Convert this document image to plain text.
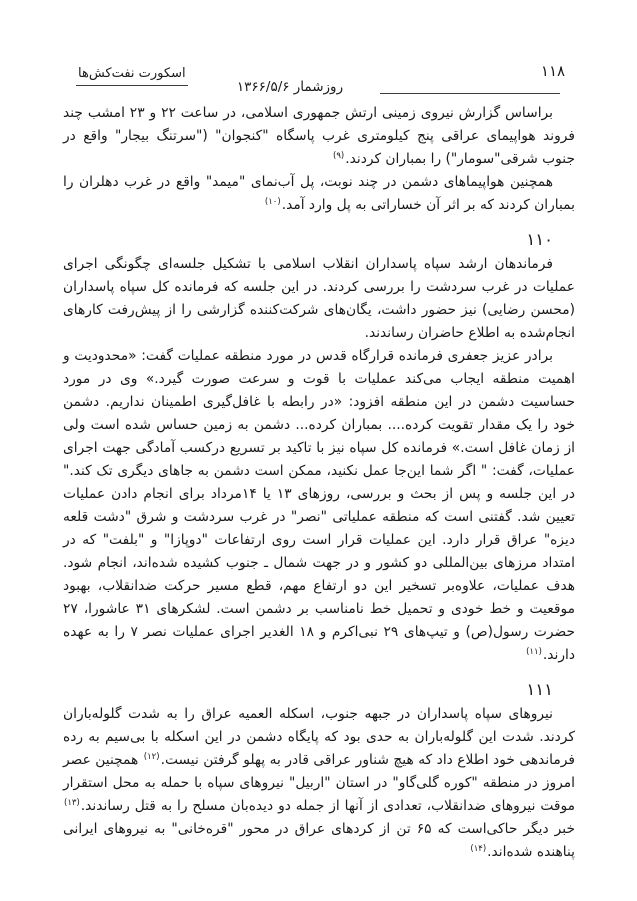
۱۱۸
اسکورت نفت‌کش‌ها
روزشمار ۱۳۶۶/۵/۶

براساس گزارش نیروی زمینی ارتش جمهوری اسلامی، در ساعت ۲۲ و ۲۳ امشب چند فروند هواپیمای عراقی پنج کیلومتری غرب پاسگاه "کنجوان" ("سرتنگ بیجار" واقع در جنوب شرقی"سومار") را بمباران کردند.$^{(۹)}$

همچنین هواپیماهای دشمن در چند نوبت، پل آب‌نمای "میمد" واقع در غرب دهلران را بمباران کردند که بر اثر آن خساراتی به پل وارد آمد.$^{(۱۰)}$

۱۱۰

فرماندهان ارشد سپاه پاسداران انقلاب اسلامی با تشکیل جلسه‌ای چگونگی اجرای عملیات در غرب سردشت را بررسی کردند. در این جلسه که فرمانده کل سپاه پاسداران (محسن رضایی) نیز حضور داشت، یگان‌های شرکت‌کننده گزارشی را از پیش‌رفت کارهای انجام‌شده به اطلاع حاضران رساندند.

برادر عزیز جعفری فرمانده قرارگاه قدس در مورد منطقه عملیات گفت: «محدودیت و اهمیت منطقه ایجاب می‌کند عملیات با قوت و سرعت صورت گیرد.» وی در مورد حساسیت دشمن در این منطقه افزود: «در رابطه با غافل‌گیری اطمینان نداریم. دشمن خود را یک مقدار تقویت کرده.... بمباران کرده... دشمن به زمین حساس شده است ولی از زمان غافل است.» فرمانده کل سپاه نیز با تاکید بر تسریع درکسب آمادگی جهت اجرای عملیات، گفت: " اگر شما این‌جا عمل نکنید، ممکن است دشمن به جاهای دیگری تک کند." در این جلسه و پس از بحث و بررسی، روزهای ۱۳ یا ۱۴مرداد برای انجام دادن عملیات تعیین شد. گفتنی است که منطقه عملیاتی "نصر" در غرب سردشت و شرق "دشت قلعه دیزه" عراق قرار دارد. این عملیات قرار است روی ارتفاعات "دوپازا" و "بلفت" که در امتداد مرزهای بین‌المللی دو کشور و در جهت شمال ـ جنوب کشیده شده‌اند، انجام شود. هدف عملیات، علاوه‌بر تسخیر این دو ارتفاع مهم، قطع مسیر حرکت ضدانقلاب، بهبود موقعیت و خط خودی و تحمیل خط نامناسب بر دشمن است. لشکرهای ۳۱ عاشورا، ۲۷ حضرت رسول(ص) و تیپ‌های ۲۹ نبی‌اکرم و ۱۸ الغدیر اجرای عملیات نصر ۷ را به عهده دارند.$^{(۱۱)}$

۱۱۱

نیروهای سپاه پاسداران در جبهه جنوب، اسکله العمیه عراق را به شدت گلوله‌باران کردند. شدت این گلوله‌باران به حدی بود که پایگاه دشمن در این اسکله با بی‌سیم به رده فرماندهی خود اطلاع داد که هیچ شناور عراقی قادر به پهلو گرفتن نیست.$^{(۱۲)}$ همچنین عصر امروز در منطقه "کوره گلی‌گاو" در استان "اربیل" نیروهای سپاه با حمله به محل استقرار موقت نیروهای ضدانقلاب، تعدادی از آنها از جمله دو دیده‌بان مسلح را به قتل رساندند.$^{(۱۳)}$ خبر دیگر حاکی‌است که ۶۵ تن از کردهای عراق در محور "قره‌خانی" به نیروهای ایرانی پناهنده شده‌اند.$^{(۱۴)}$
